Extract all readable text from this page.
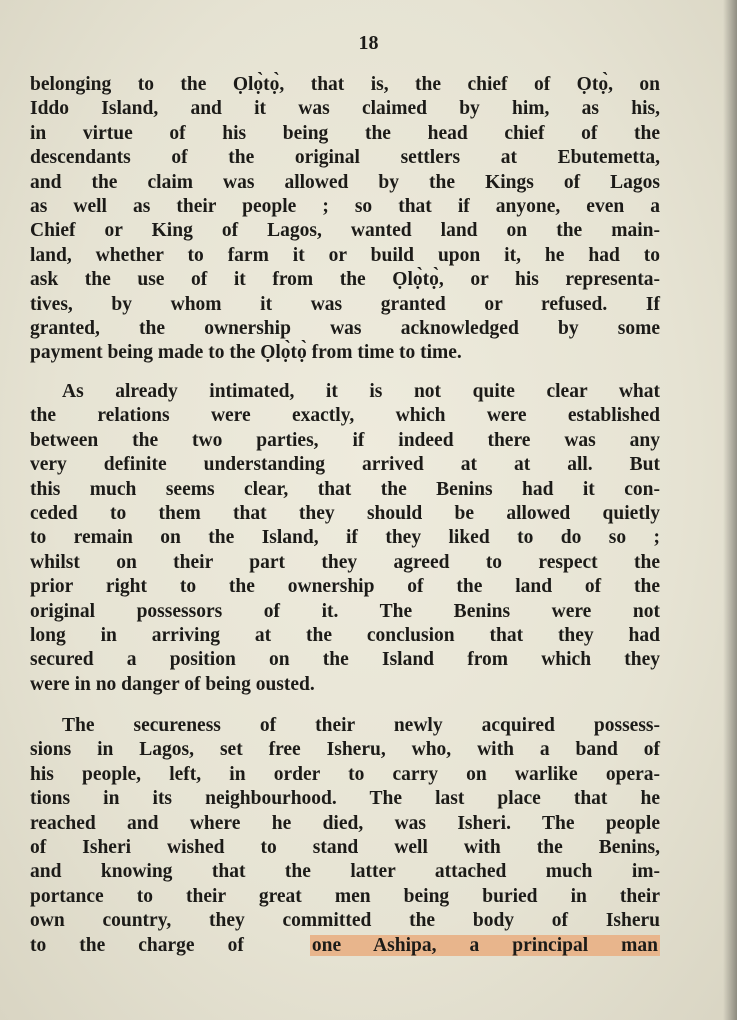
18
belonging to the Ọlọ̀tọ̀, that is, the chief of Ọtọ̀, on
Iddo Island, and it was claimed by him, as his,
in virtue of his being the head chief of the
descendants of the original settlers at Ebutemetta,
and the claim was allowed by the Kings of Lagos
as well as their people ; so that if anyone, even a
Chief or King of Lagos, wanted land on the main-
land, whether to farm it or build upon it, he had to
ask the use of it from the Ọlọ̀tọ̀, or his representa-
tives, by whom it was granted or refused. If
granted, the ownership was acknowledged by some
payment being made to the Ọlọ̀tọ̀ from time to time.
As already intimated, it is not quite clear what
the relations were exactly, which were established
between the two parties, if indeed there was any
very definite understanding arrived at at all. But
this much seems clear, that the Benins had it con-
ceded to them that they should be allowed quietly
to remain on the Island, if they liked to do so ;
whilst on their part they agreed to respect the
prior right to the ownership of the land of the
original possessors of it. The Benins were not
long in arriving at the conclusion that they had
secured a position on the Island from which they
were in no danger of being ousted.
The secureness of their newly acquired possess-
sions in Lagos, set free Isheru, who, with a band of
his people, left, in order to carry on warlike opera-
tions in its neighbourhood. The last place that he
reached and where he died, was Isheri. The people
of Isheri wished to stand well with the Benins,
and knowing that the latter attached much im-
portance to their great men being buried in their
own country, they committed the body of Isheru
to the charge of  one Ashipa, a principal man
